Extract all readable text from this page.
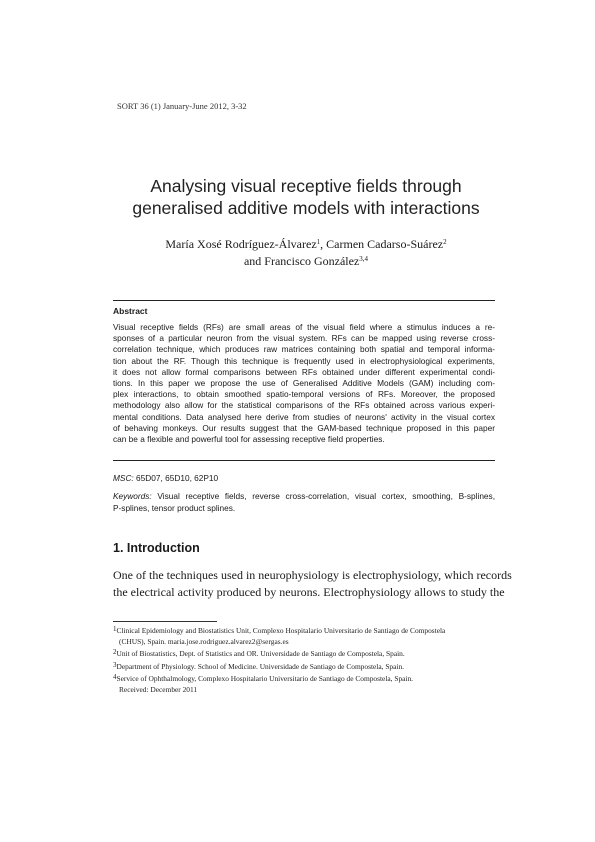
SORT 36 (1) January-June 2012, 3-32
Analysing visual receptive fields through
generalised additive models with interactions
María Xosé Rodríguez-Álvarez$^1$, Carmen Cadarso-Suárez$^2$
and Francisco González$^{3,4}$
Abstract
Visual receptive fields (RFs) are small areas of the visual field where a stimulus induces a re-
sponses of a particular neuron from the visual system. RFs can be mapped using reverse cross-
correlation technique, which produces raw matrices containing both spatial and temporal informa-
tion about the RF. Though this technique is frequently used in electrophysiological experiments,
it does not allow formal comparisons between RFs obtained under different experimental condi-
tions. In this paper we propose the use of Generalised Additive Models (GAM) including com-
plex interactions, to obtain smoothed spatio-temporal versions of RFs. Moreover, the proposed
methodology also allow for the statistical comparisons of the RFs obtained across various experi-
mental conditions. Data analysed here derive from studies of neurons' activity in the visual cortex
of behaving monkeys. Our results suggest that the GAM-based technique proposed in this paper
can be a flexible and powerful tool for assessing receptive field properties.
MSC: 65D07, 65D10, 62P10
Keywords: Visual receptive fields, reverse cross-correlation, visual cortex, smoothing, B-splines,
P-splines, tensor product splines.
1. Introduction
One of the techniques used in neurophysiology is electrophysiology, which records
the electrical activity produced by neurons. Electrophysiology allows to study the
$^1$Clinical Epidemiology and Biostatistics Unit, Complexo Hospitalario Universitario de Santiago de Compostela
(CHUS), Spain. maria.jose.rodriguez.alvarez2@sergas.es
$^2$Unit of Biostatistics, Dept. of Statistics and OR. Universidade de Santiago de Compostela, Spain.
$^3$Department of Physiology. School of Medicine. Universidade de Santiago de Compostela, Spain.
$^4$Service of Ophthalmology, Complexo Hospitalario Universitario de Santiago de Compostela, Spain.
Received: December 2011
